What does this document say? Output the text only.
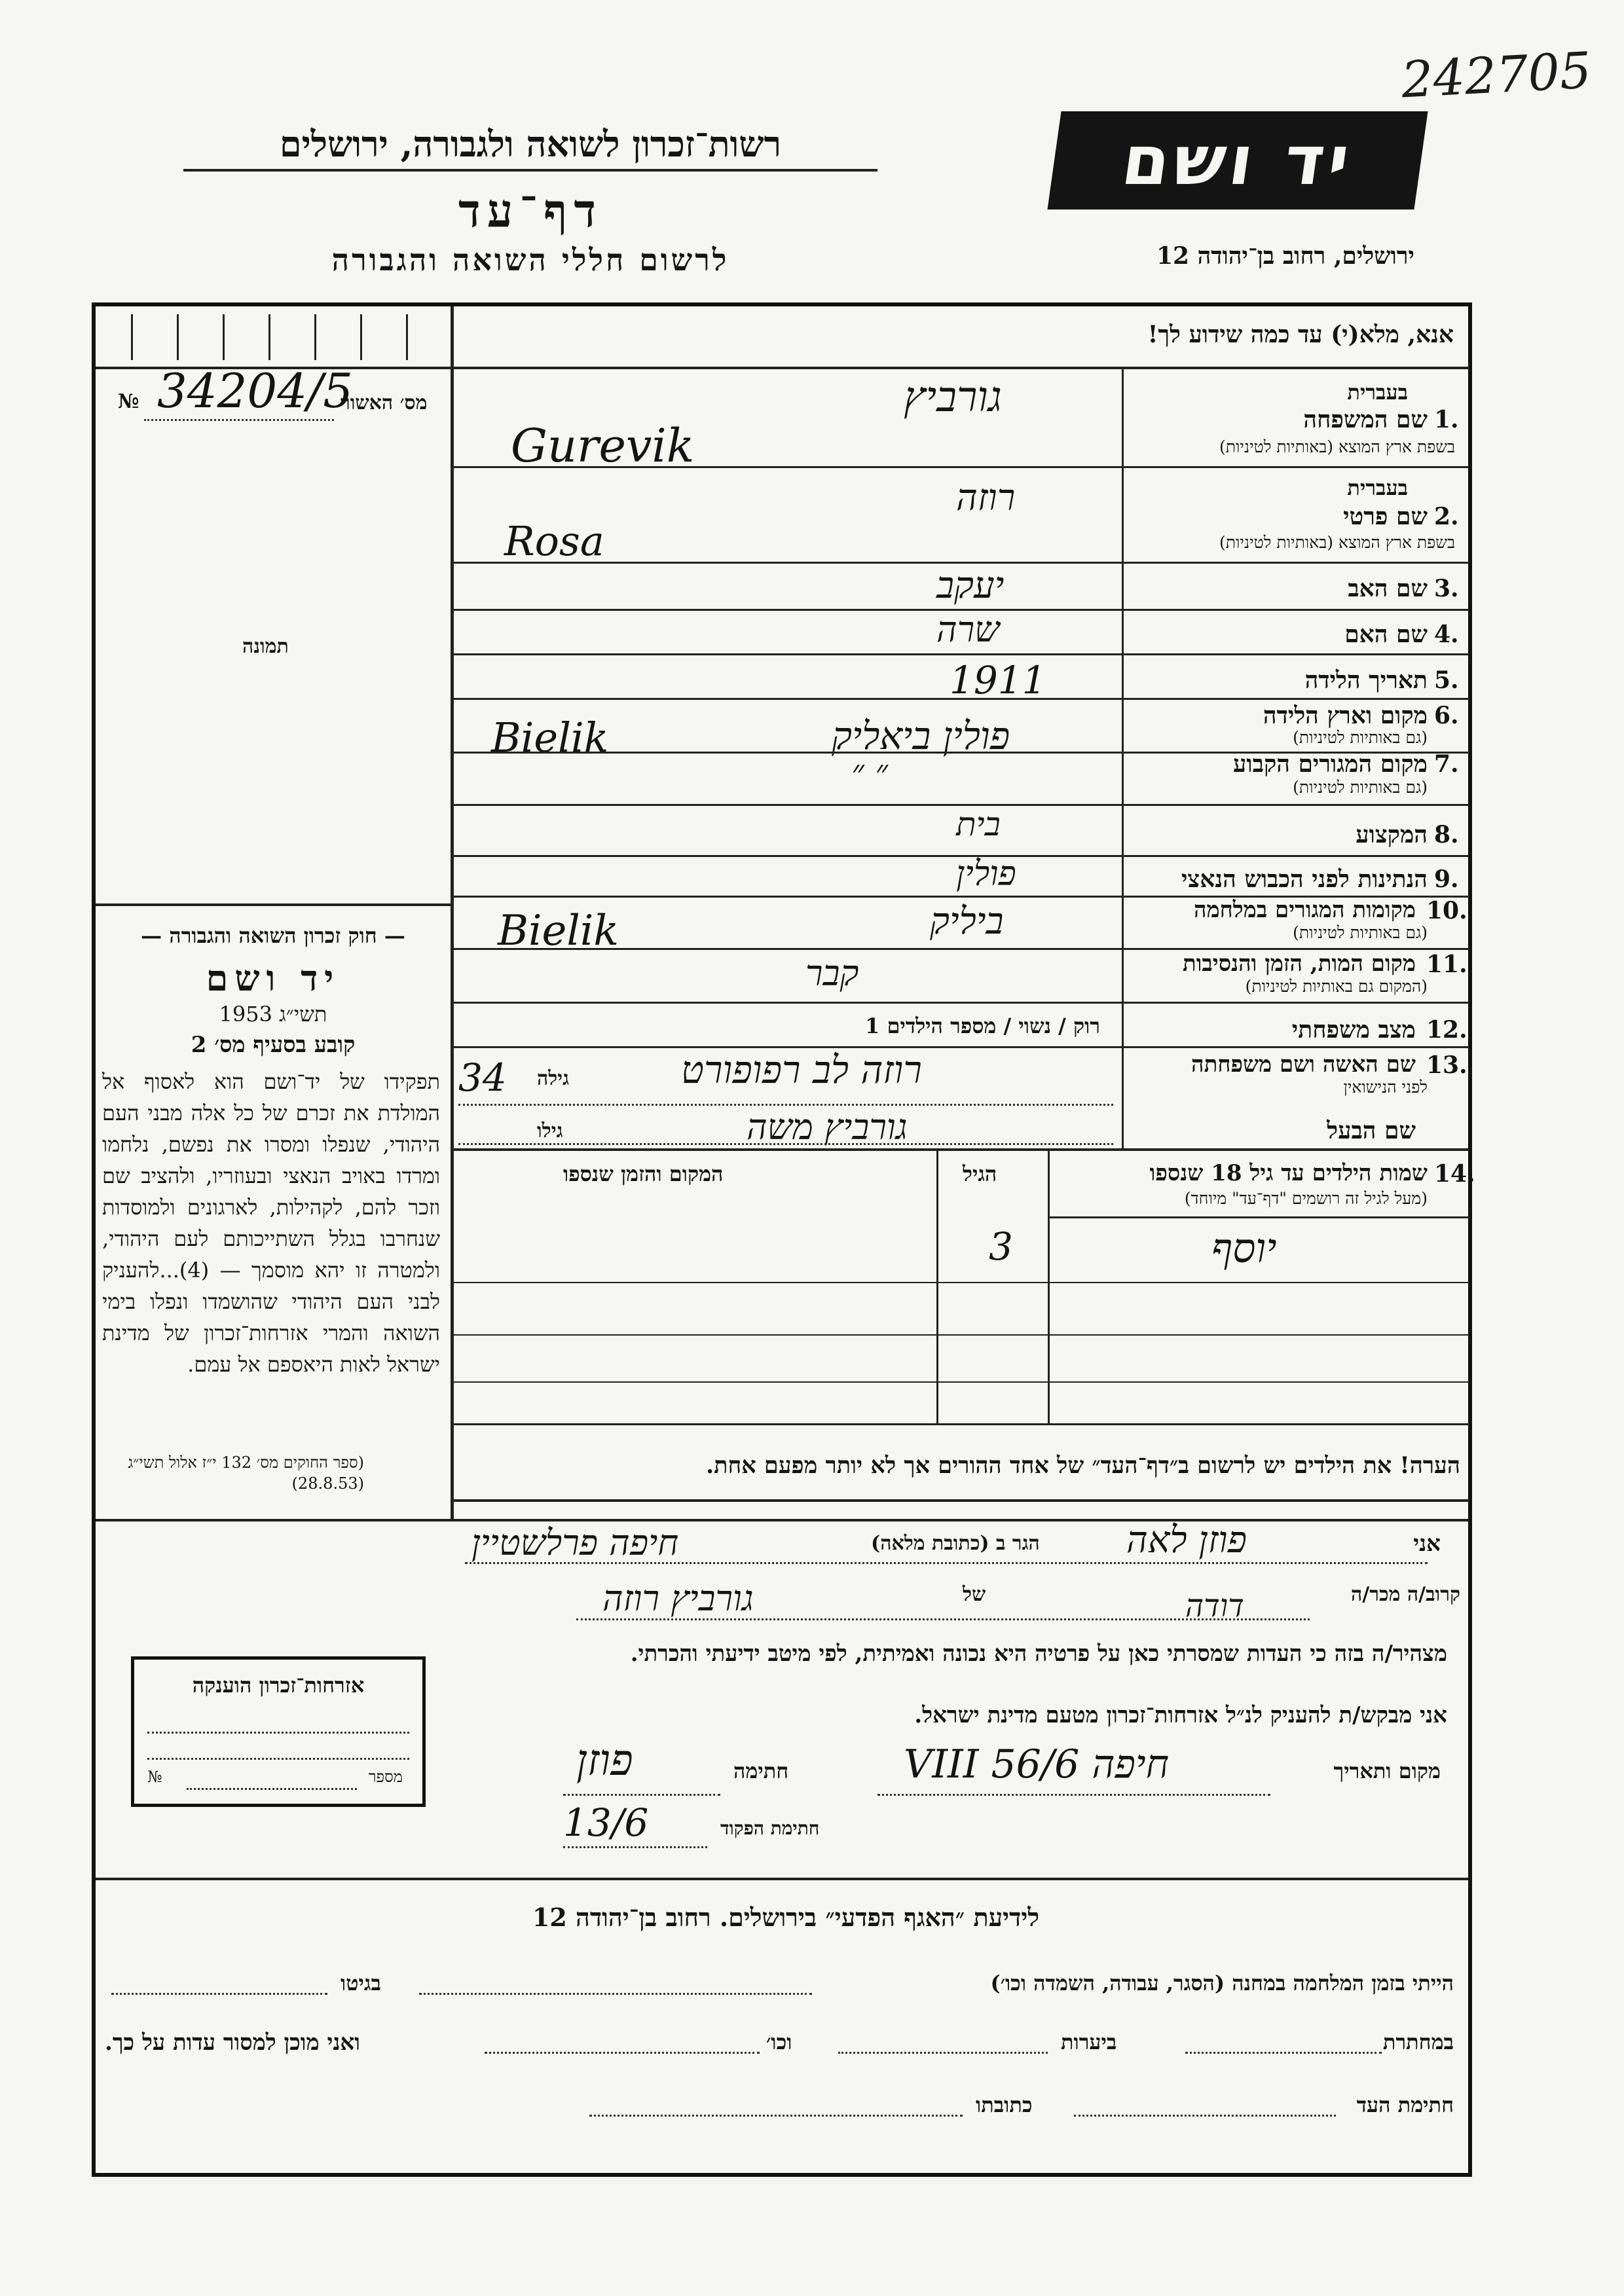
242705
רשות־זכרון לשואה ולגבורה, ירושלים
דף־עד
לרשום חללי השואה והגבורה
יד ושם
ירושלים, רחוב בן־יהודה 12
אנא, מלא(י) עד כמה שידוע לך!
מס׳ האשור
№ 34204/5
תמונה
1.
שם המשפחה
בעברית
בשפת ארץ המוצא (באותיות לטיניות)
גורביץ
Gurevik
2.
שם פרטי
בעברית
בשפת ארץ המוצא (באותיות לטיניות)
רוזה
Rosa
3.
שם האב
יעקב
4.
שם האם
שרה
5.
תאריך הלידה
1911
6.
מקום וארץ הלידה
(גם באותיות לטיניות)
פולין ביאליק
Bielik
7.
מקום המגורים הקבוע
(גם באותיות לטיניות)
״ ״
8.
המקצוע
בית
9.
הנתינות לפני הכבוש הנאצי
פולין
10.
מקומות המגורים במלחמה
(גם באותיות לטיניות)
ביליק
Bielik
11.
מקום המות, הזמן והנסיבות
(המקום גם באותיות לטיניות)
קבר
12.
מצב משפחתי
רוק / נשוי / מספר הילדים 1
13.
שם האשה ושם משפחתה
לפני הנישואין
רוזה לב רפופורט
גילה
34
שם הבעל
גורביץ משה
גילו
14.
שמות הילדים עד גיל 18 שנספו
(מעל לגיל זה רושמים "דף־עד" מיוחד)
הגיל
המקום והזמן שנספו
יוסף
3
הערה! את הילדים יש לרשום ב״דף־העד״ של אחד ההורים אך לא יותר מפעם אחת.
— חוק זכרון השואה והגבורה —
יד ושם
תשי״ג 1953
קובע בסעיף מס׳ 2
תפקידו של יד־ושם הוא לאסוף אל המולדת את זכרם של כל אלה מבני העם היהודי, שנפלו ומסרו את נפשם, נלחמו ומרדו באויב הנאצי ובעוזריו, ולהציב שם וזכר להם, לקהילות, לארגונים ולמוסדות שנחרבו בגלל השתייכותם לעם היהודי, ולמטרה זו יהא מוסמך — (4)...להעניק לבני העם היהודי שהושמדו ונפלו בימי השואה והמרי אזרחות־זכרון של מדינת ישראל לאות היאספם אל עמם.
(ספר החוקים מס׳ 132 י״ז אלול תשי״ג (28.8.53)
אזרחות־זכרון הוענקה
מספר
№
אני
פוזן לאה
הגר ב (כתובת מלאה)
חיפה פרלשטיין
קרוב/ה מכר/ה
דודה
של
גורביץ רוזה
מצהיר/ה בזה כי העדות שמסרתי כאן על פרטיה היא נכונה ואמיתית, לפי מיטב ידיעתי והכרתי.
אני מבקש/ת להעניק לנ״ל אזרחות־זכרון מטעם מדינת ישראל.
מקום ותאריך
חיפה 6/VIII 56
חתימה
פוזן
חתימת הפקוד
13/6
לידיעת ״האגף הפדעי״ בירושלים. רחוב בן־יהודה 12
הייתי בזמן המלחמה במחנה (הסגר, עבודה, השמדה וכו׳)
בגיטו
במחתרת
ביערות
וכו׳
ואני מוכן למסור עדות על כך.
חתימת העד
כתובתו
